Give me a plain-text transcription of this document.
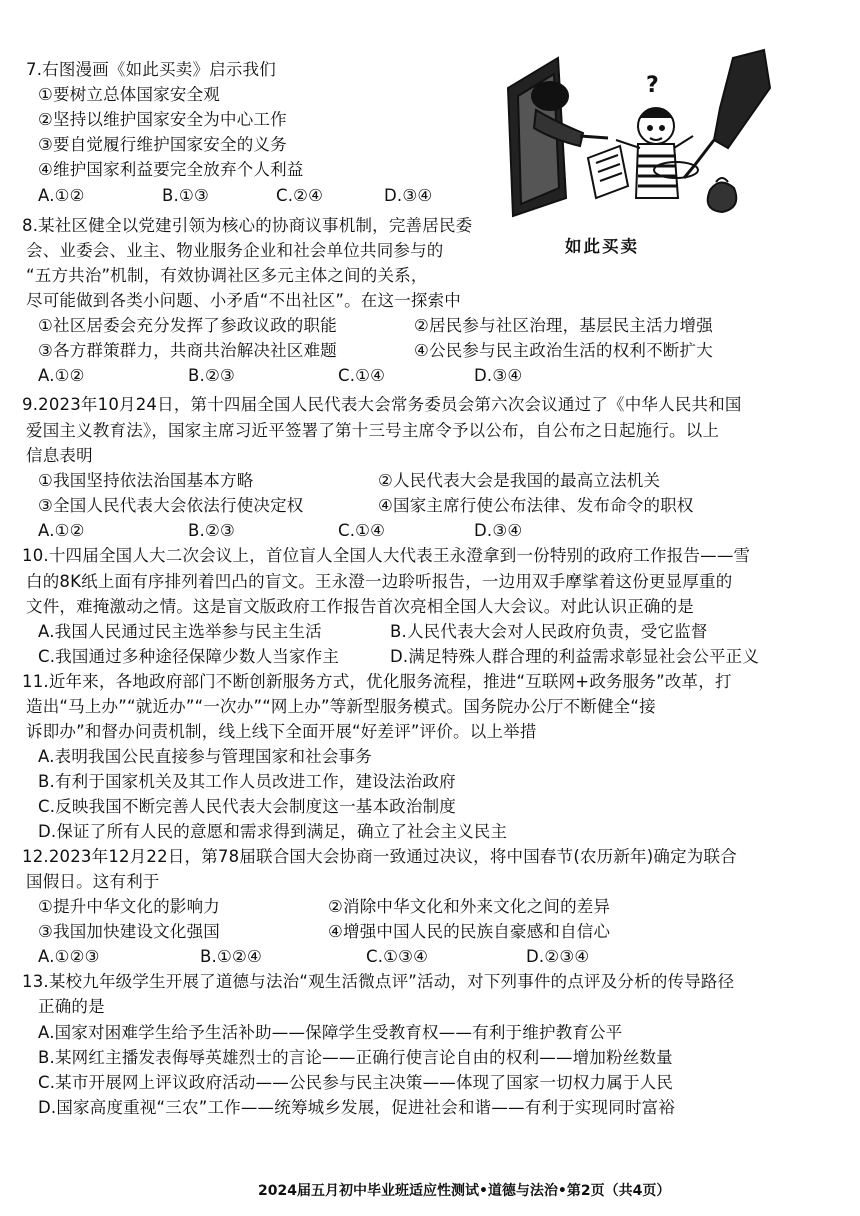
7.右图漫画《如此买卖》启示我们
①要树立总体国家安全观
②坚持以维护国家安全为中心工作
③要自觉履行维护国家安全的义务
④维护国家利益要完全放弃个人利益
A.①②	B.①③	C.②④	D.③④
?
如此买卖
8.某社区健全以党建引领为核心的协商议事机制，完善居民委
会、业委会、业主、物业服务企业和社会单位共同参与的
“五方共治”机制，有效协调社区多元主体之间的关系，
尽可能做到各类小问题、小矛盾“不出社区”。在这一探索中
①社区居委会充分发挥了参政议政的职能	②居民参与社区治理，基层民主活力增强
③各方群策群力，共商共治解决社区难题	④公民参与民主政治生活的权利不断扩大
A.①②	B.②③	C.①④	D.③④
9.2023年10月24日，第十四届全国人民代表大会常务委员会第六次会议通过了《中华人民共和国
爱国主义教育法》，国家主席习近平签署了第十三号主席令予以公布，自公布之日起施行。以上
信息表明
①我国坚持依法治国基本方略	②人民代表大会是我国的最高立法机关
③全国人民代表大会依法行使决定权	④国家主席行使公布法律、发布命令的职权
A.①②	B.②③	C.①④	D.③④
10.十四届全国人大二次会议上，首位盲人全国人大代表王永澄拿到一份特别的政府工作报告——雪
白的8K纸上面有序排列着凹凸的盲文。王永澄一边聆听报告，一边用双手摩挲着这份更显厚重的
文件，难掩激动之情。这是盲文版政府工作报告首次亮相全国人大会议。对此认识正确的是
A.我国人民通过民主选举参与民主生活	B.人民代表大会对人民政府负责，受它监督
C.我国通过多种途径保障少数人当家作主	D.满足特殊人群合理的利益需求彰显社会公平正义
11.近年来，各地政府部门不断创新服务方式，优化服务流程，推进“互联网+政务服务”改革，打
造出“马上办”“就近办”“一次办”“网上办”等新型服务模式。国务院办公厅不断健全“接
诉即办”和督办问责机制，线上线下全面开展“好差评”评价。以上举措
A.表明我国公民直接参与管理国家和社会事务
B.有利于国家机关及其工作人员改进工作，建设法治政府
C.反映我国不断完善人民代表大会制度这一基本政治制度
D.保证了所有人民的意愿和需求得到满足，确立了社会主义民主
12.2023年12月22日，第78届联合国大会协商一致通过决议，将中国春节(农历新年)确定为联合
国假日。这有利于
①提升中华文化的影响力	②消除中华文化和外来文化之间的差异
③我国加快建设文化强国	④增强中国人民的民族自豪感和自信心
A.①②③	B.①②④	C.①③④	D.②③④
13.某校九年级学生开展了道德与法治“观生活微点评”活动，对下列事件的点评及分析的传导路径
正确的是
A.国家对困难学生给予生活补助——保障学生受教育权——有利于维护教育公平
B.某网红主播发表侮辱英雄烈士的言论——正确行使言论自由的权利——增加粉丝数量
C.某市开展网上评议政府活动——公民参与民主决策——体现了国家一切权力属于人民
D.国家高度重视“三农”工作——统筹城乡发展，促进社会和谐——有利于实现同时富裕
2024届五月初中毕业班适应性测试•道德与法治•第2页（共4页）
